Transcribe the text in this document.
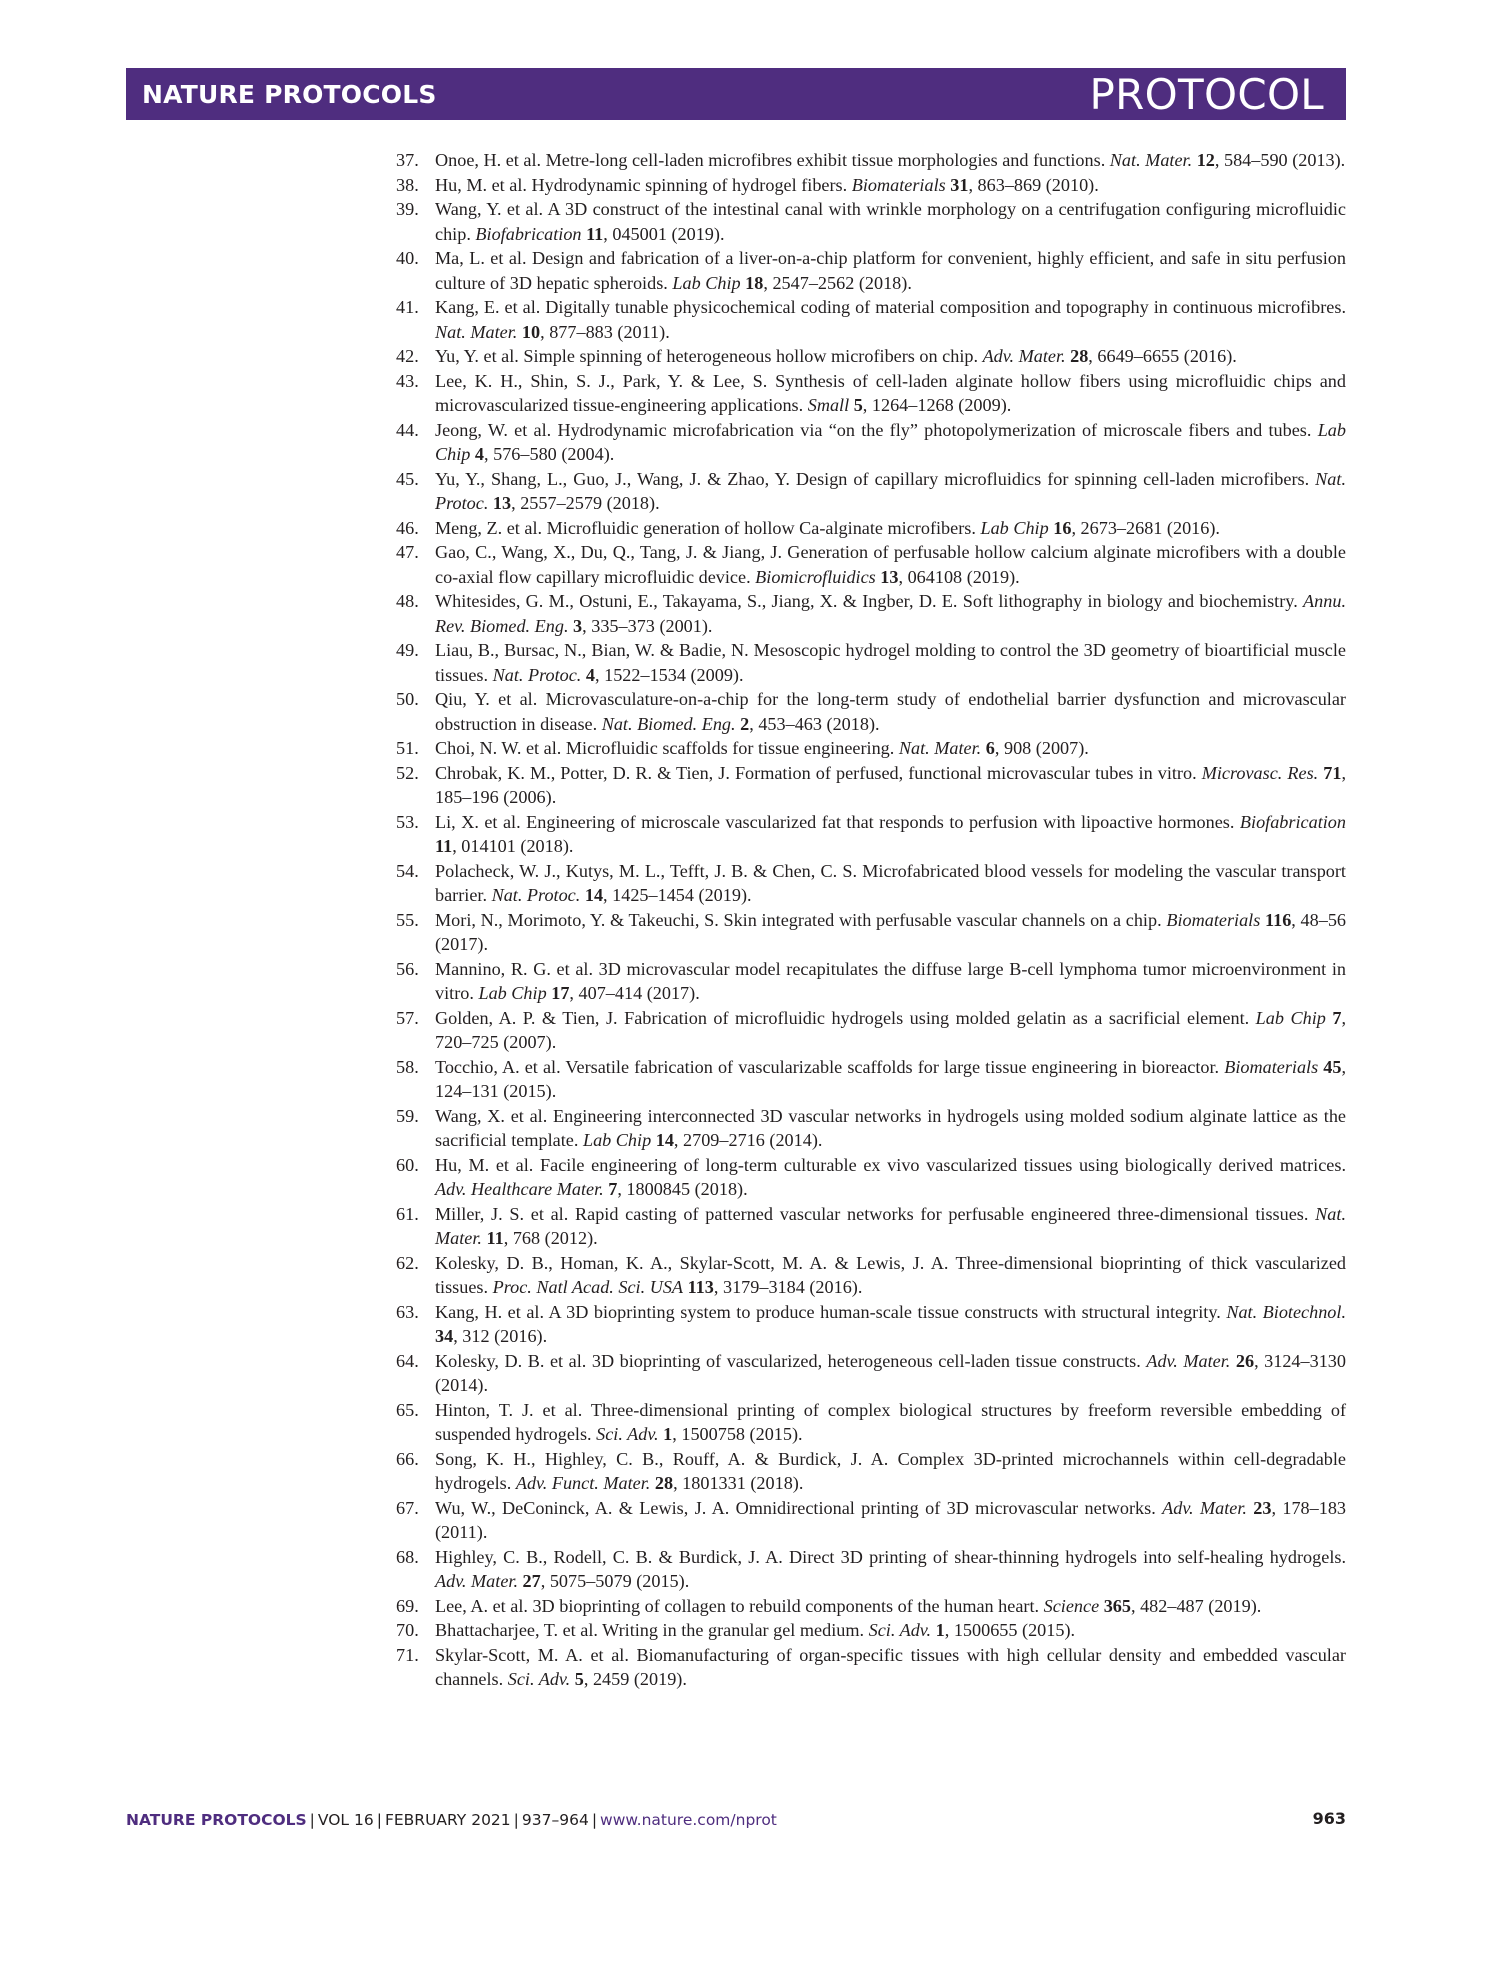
NATURE PROTOCOLS	PROTOCOL
37. Onoe, H. et al. Metre-long cell-laden microfibres exhibit tissue morphologies and functions. Nat. Mater. 12, 584–590 (2013).
38. Hu, M. et al. Hydrodynamic spinning of hydrogel fibers. Biomaterials 31, 863–869 (2010).
39. Wang, Y. et al. A 3D construct of the intestinal canal with wrinkle morphology on a centrifugation configuring microfluidic chip. Biofabrication 11, 045001 (2019).
40. Ma, L. et al. Design and fabrication of a liver-on-a-chip platform for convenient, highly efficient, and safe in situ perfusion culture of 3D hepatic spheroids. Lab Chip 18, 2547–2562 (2018).
41. Kang, E. et al. Digitally tunable physicochemical coding of material composition and topography in continuous microfibres. Nat. Mater. 10, 877–883 (2011).
42. Yu, Y. et al. Simple spinning of heterogeneous hollow microfibers on chip. Adv. Mater. 28, 6649–6655 (2016).
43. Lee, K. H., Shin, S. J., Park, Y. & Lee, S. Synthesis of cell-laden alginate hollow fibers using microfluidic chips and microvascularized tissue-engineering applications. Small 5, 1264–1268 (2009).
44. Jeong, W. et al. Hydrodynamic microfabrication via “on the fly” photopolymerization of microscale fibers and tubes. Lab Chip 4, 576–580 (2004).
45. Yu, Y., Shang, L., Guo, J., Wang, J. & Zhao, Y. Design of capillary microfluidics for spinning cell-laden microfibers. Nat. Protoc. 13, 2557–2579 (2018).
46. Meng, Z. et al. Microfluidic generation of hollow Ca-alginate microfibers. Lab Chip 16, 2673–2681 (2016).
47. Gao, C., Wang, X., Du, Q., Tang, J. & Jiang, J. Generation of perfusable hollow calcium alginate microfibers with a double co-axial flow capillary microfluidic device. Biomicrofluidics 13, 064108 (2019).
48. Whitesides, G. M., Ostuni, E., Takayama, S., Jiang, X. & Ingber, D. E. Soft lithography in biology and biochemistry. Annu. Rev. Biomed. Eng. 3, 335–373 (2001).
49. Liau, B., Bursac, N., Bian, W. & Badie, N. Mesoscopic hydrogel molding to control the 3D geometry of bioartificial muscle tissues. Nat. Protoc. 4, 1522–1534 (2009).
50. Qiu, Y. et al. Microvasculature-on-a-chip for the long-term study of endothelial barrier dysfunction and microvascular obstruction in disease. Nat. Biomed. Eng. 2, 453–463 (2018).
51. Choi, N. W. et al. Microfluidic scaffolds for tissue engineering. Nat. Mater. 6, 908 (2007).
52. Chrobak, K. M., Potter, D. R. & Tien, J. Formation of perfused, functional microvascular tubes in vitro. Microvasc. Res. 71, 185–196 (2006).
53. Li, X. et al. Engineering of microscale vascularized fat that responds to perfusion with lipoactive hormones. Biofabrication 11, 014101 (2018).
54. Polacheck, W. J., Kutys, M. L., Tefft, J. B. & Chen, C. S. Microfabricated blood vessels for modeling the vascular transport barrier. Nat. Protoc. 14, 1425–1454 (2019).
55. Mori, N., Morimoto, Y. & Takeuchi, S. Skin integrated with perfusable vascular channels on a chip. Biomaterials 116, 48–56 (2017).
56. Mannino, R. G. et al. 3D microvascular model recapitulates the diffuse large B-cell lymphoma tumor microenvironment in vitro. Lab Chip 17, 407–414 (2017).
57. Golden, A. P. & Tien, J. Fabrication of microfluidic hydrogels using molded gelatin as a sacrificial element. Lab Chip 7, 720–725 (2007).
58. Tocchio, A. et al. Versatile fabrication of vascularizable scaffolds for large tissue engineering in bioreactor. Biomaterials 45, 124–131 (2015).
59. Wang, X. et al. Engineering interconnected 3D vascular networks in hydrogels using molded sodium alginate lattice as the sacrificial template. Lab Chip 14, 2709–2716 (2014).
60. Hu, M. et al. Facile engineering of long-term culturable ex vivo vascularized tissues using biologically derived matrices. Adv. Healthcare Mater. 7, 1800845 (2018).
61. Miller, J. S. et al. Rapid casting of patterned vascular networks for perfusable engineered three-dimensional tissues. Nat. Mater. 11, 768 (2012).
62. Kolesky, D. B., Homan, K. A., Skylar-Scott, M. A. & Lewis, J. A. Three-dimensional bioprinting of thick vascularized tissues. Proc. Natl Acad. Sci. USA 113, 3179–3184 (2016).
63. Kang, H. et al. A 3D bioprinting system to produce human-scale tissue constructs with structural integrity. Nat. Biotechnol. 34, 312 (2016).
64. Kolesky, D. B. et al. 3D bioprinting of vascularized, heterogeneous cell-laden tissue constructs. Adv. Mater. 26, 3124–3130 (2014).
65. Hinton, T. J. et al. Three-dimensional printing of complex biological structures by freeform reversible embedding of suspended hydrogels. Sci. Adv. 1, 1500758 (2015).
66. Song, K. H., Highley, C. B., Rouff, A. & Burdick, J. A. Complex 3D-printed microchannels within cell-degradable hydrogels. Adv. Funct. Mater. 28, 1801331 (2018).
67. Wu, W., DeConinck, A. & Lewis, J. A. Omnidirectional printing of 3D microvascular networks. Adv. Mater. 23, 178–183 (2011).
68. Highley, C. B., Rodell, C. B. & Burdick, J. A. Direct 3D printing of shear-thinning hydrogels into self-healing hydrogels. Adv. Mater. 27, 5075–5079 (2015).
69. Lee, A. et al. 3D bioprinting of collagen to rebuild components of the human heart. Science 365, 482–487 (2019).
70. Bhattacharjee, T. et al. Writing in the granular gel medium. Sci. Adv. 1, 1500655 (2015).
71. Skylar-Scott, M. A. et al. Biomanufacturing of organ-specific tissues with high cellular density and embedded vascular channels. Sci. Adv. 5, 2459 (2019).
NATURE PROTOCOLS | VOL 16 | FEBRUARY 2021 | 937–964 | www.nature.com/nprot	963
